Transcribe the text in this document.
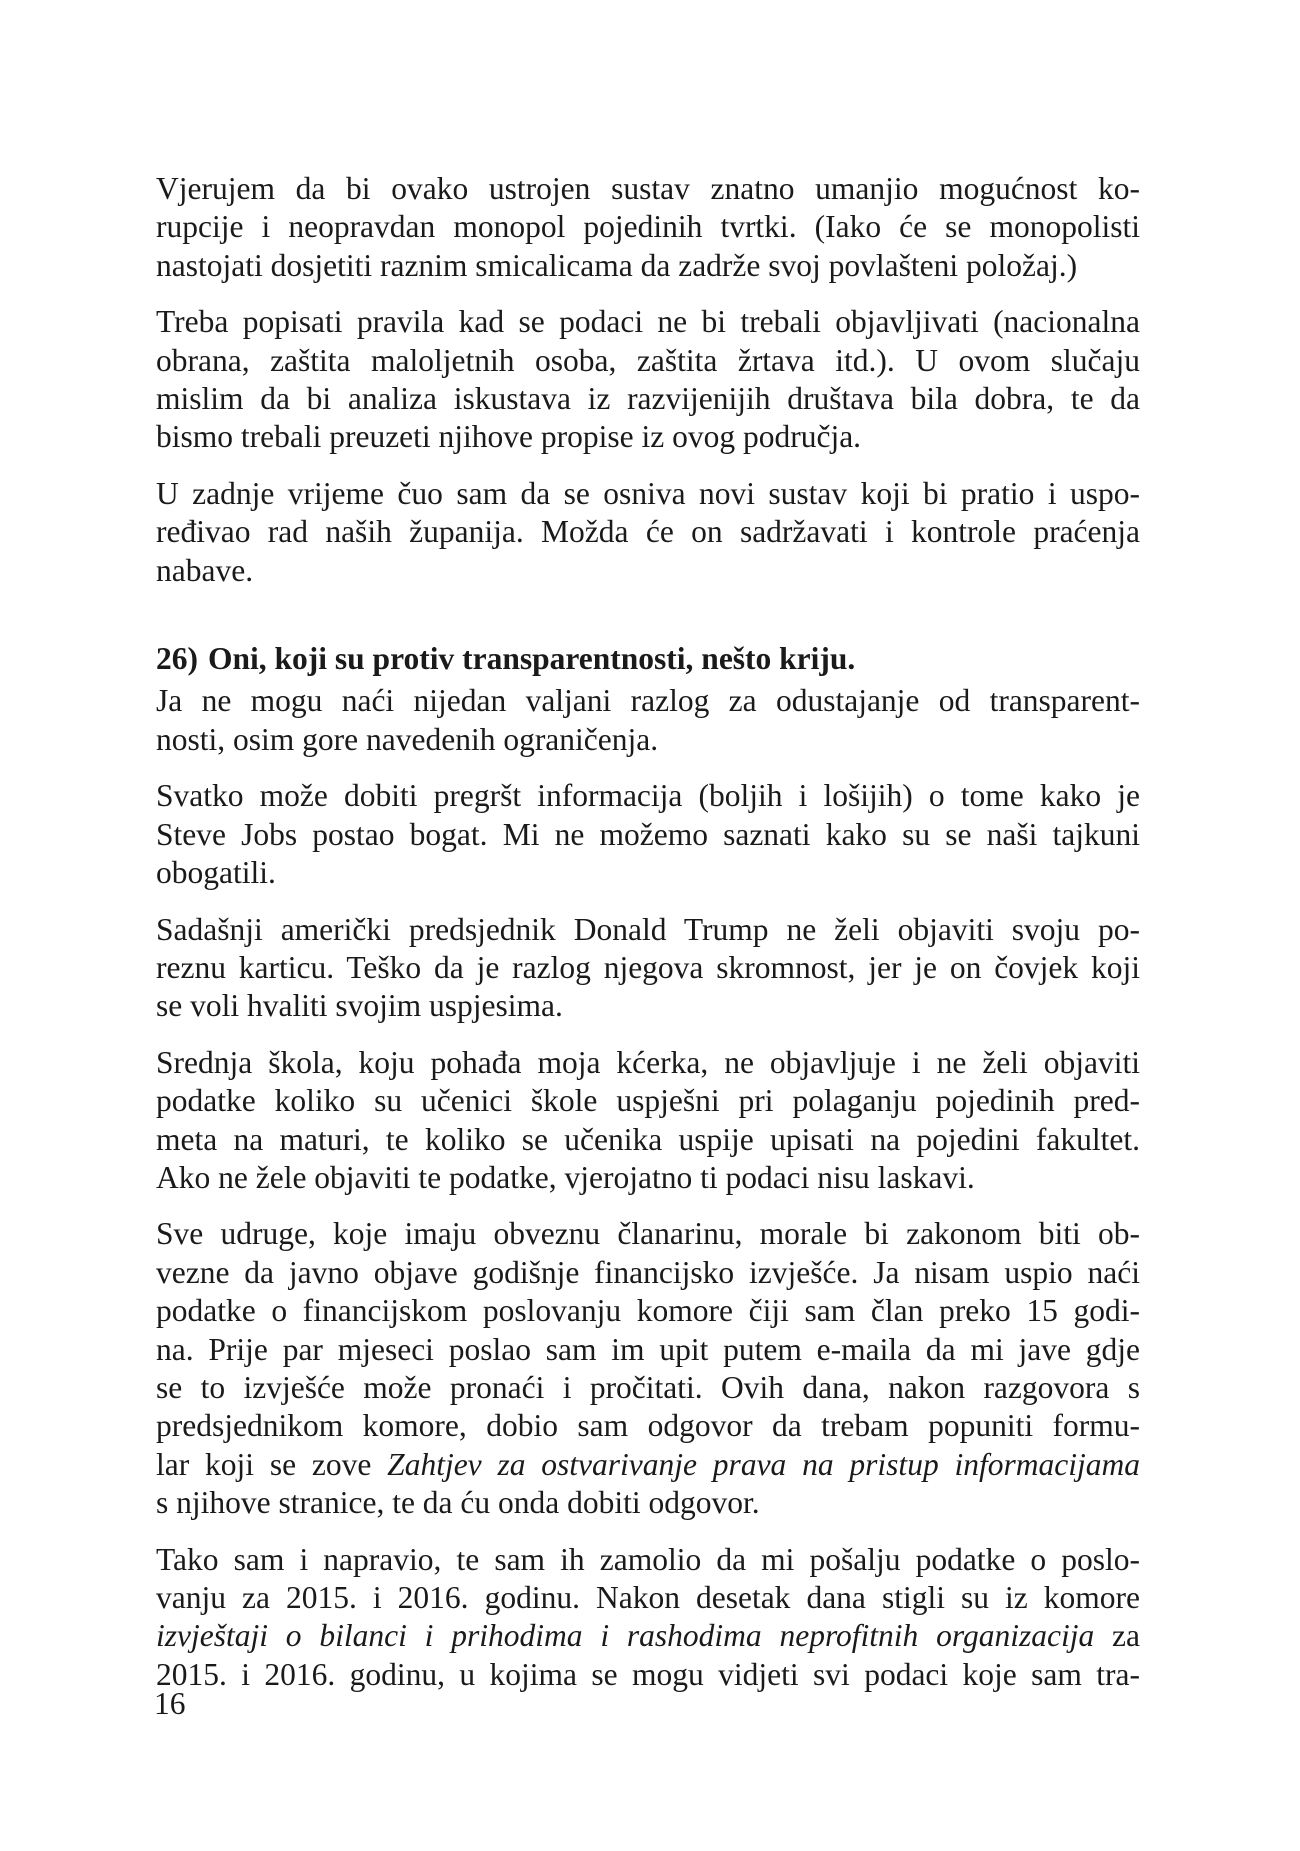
Vjerujem da bi ovako ustrojen sustav znatno umanjio mogućnost ko-
rupcije i neopravdan monopol pojedinih tvrtki. (Iako će se monopolisti
nastojati dosjetiti raznim smicalicama da zadrže svoj povlašteni položaj.)
Treba popisati pravila kad se podaci ne bi trebali objavljivati (nacionalna
obrana, zaštita maloljetnih osoba, zaštita žrtava itd.). U ovom slučaju
mislim da bi analiza iskustava iz razvijenijih društava bila dobra, te da
bismo trebali preuzeti njihove propise iz ovog područja.
U zadnje vrijeme čuo sam da se osniva novi sustav koji bi pratio i uspo-
ređivao rad naših županija. Možda će on sadržavati i kontrole praćenja
nabave.
26) Oni, koji su protiv transparentnosti, nešto kriju.
Ja ne mogu naći nijedan valjani razlog za odustajanje od transparent-
nosti, osim gore navedenih ograničenja.
Svatko može dobiti pregršt informacija (boljih i lošijih) o tome kako je
Steve Jobs postao bogat. Mi ne možemo saznati kako su se naši tajkuni
obogatili.
Sadašnji američki predsjednik Donald Trump ne želi objaviti svoju po-
reznu karticu. Teško da je razlog njegova skromnost, jer je on čovjek koji
se voli hvaliti svojim uspjesima.
Srednja škola, koju pohađa moja kćerka, ne objavljuje i ne želi objaviti
podatke koliko su učenici škole uspješni pri polaganju pojedinih pred-
meta na maturi, te koliko se učenika uspije upisati na pojedini fakultet.
Ako ne žele objaviti te podatke, vjerojatno ti podaci nisu laskavi.
Sve udruge, koje imaju obveznu članarinu, morale bi zakonom biti ob-
vezne da javno objave godišnje financijsko izvješće. Ja nisam uspio naći
podatke o financijskom poslovanju komore čiji sam član preko 15 godi-
na. Prije par mjeseci poslao sam im upit putem e-maila da mi jave gdje
se to izvješće može pronaći i pročitati. Ovih dana, nakon razgovora s
predsjednikom komore, dobio sam odgovor da trebam popuniti formu-
lar koji se zove Zahtjev za ostvarivanje prava na pristup informacijama
s njihove stranice, te da ću onda dobiti odgovor.
Tako sam i napravio, te sam ih zamolio da mi pošalju podatke o poslo-
vanju za 2015. i 2016. godinu. Nakon desetak dana stigli su iz komore
izvještaji o bilanci i prihodima i rashodima neprofitnih organizacija za
2015. i 2016. godinu, u kojima se mogu vidjeti svi podaci koje sam tra-
16
